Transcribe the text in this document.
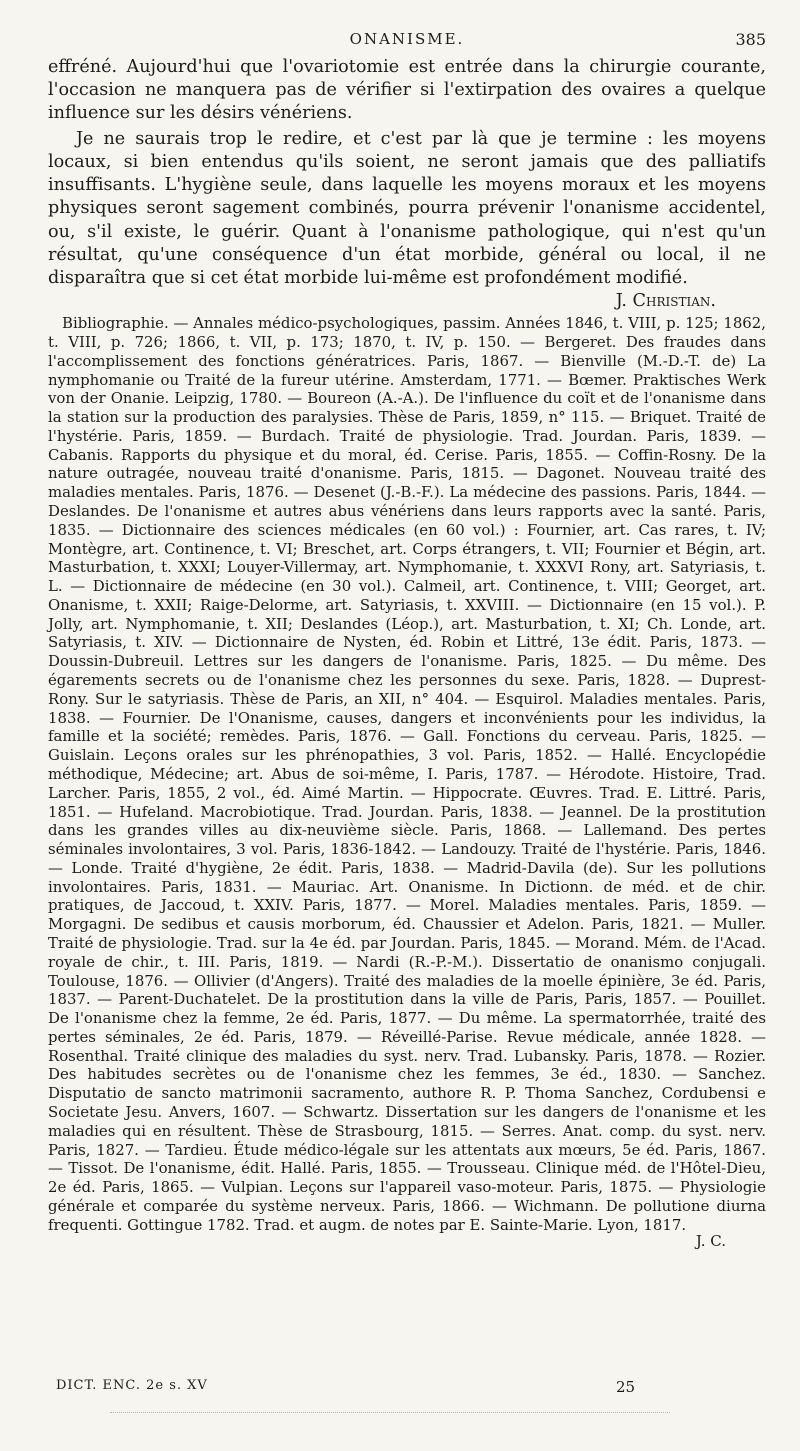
ONANISME.	385

effréné. Aujourd'hui que l'ovariotomie est entrée dans la chirurgie courante, l'occasion ne manquera pas de vérifier si l'extirpation des ovaires a quelque influence sur les désirs vénériens.

Je ne saurais trop le redire, et c'est par là que je termine : les moyens locaux, si bien entendus qu'ils soient, ne seront jamais que des palliatifs insuffisants. L'hygiène seule, dans laquelle les moyens moraux et les moyens physiques seront sagement combinés, pourra prévenir l'onanisme accidentel, ou, s'il existe, le guérir. Quant à l'onanisme pathologique, qui n'est qu'un résultat, qu'une conséquence d'un état morbide, général ou local, il ne disparaîtra que si cet état morbide lui-même est profondément modifié.
J. Christian.

Bibliographie. — Annales médico-psychologiques, passim. Années 1846, t. VIII, p. 125; 1862, t. VIII, p. 726; 1866, t. VII, p. 173; 1870, t. IV, p. 150. — Bergeret. Des fraudes dans l'accomplissement des fonctions génératrices. Paris, 1867. — Bienville (M.-D.-T. de) La nymphomanie ou Traité de la fureur utérine. Amsterdam, 1771. — Bœmer. Praktisches Werk von der Onanie. Leipzig, 1780. — Boureon (A.-A.). De l'influence du coït et de l'onanisme dans la station sur la production des paralysies. Thèse de Paris, 1859, n° 115. — Briquet. Traité de l'hystérie. Paris, 1859. — Burdach. Traité de physiologie. Trad. Jourdan. Paris, 1839. — Cabanis. Rapports du physique et du moral, éd. Cerise. Paris, 1855. — Coffin-Rosny. De la nature outragée, nouveau traité d'onanisme. Paris, 1815. — Dagonet. Nouveau traité des maladies mentales. Paris, 1876. — Desenet (J.-B.-F.). La médecine des passions. Paris, 1844. — Deslandes. De l'onanisme et autres abus vénériens dans leurs rapports avec la santé. Paris, 1835. — Dictionnaire des sciences médicales (en 60 vol.) : Fournier, art. Cas rares, t. IV; Montègre, art. Continence, t. VI; Breschet, art. Corps étrangers, t. VII; Fournier et Bégin, art. Masturbation, t. XXXI; Louyer-Villermay, art. Nymphomanie, t. XXXVI Rony, art. Satyriasis, t. L. — Dictionnaire de médecine (en 30 vol.). Calmeil, art. Continence, t. VIII; Georget, art. Onanisme, t. XXII; Raige-Delorme, art. Satyriasis, t. XXVIII. — Dictionnaire (en 15 vol.). P. Jolly, art. Nymphomanie, t. XII; Deslandes (Léop.), art. Masturbation, t. XI; Ch. Londe, art. Satyriasis, t. XIV. — Dictionnaire de Nysten, éd. Robin et Littré, 13e édit. Paris, 1873. — Doussin-Dubreuil. Lettres sur les dangers de l'onanisme. Paris, 1825. — Du même. Des égarements secrets ou de l'onanisme chez les personnes du sexe. Paris, 1828. — Duprest-Rony. Sur le satyriasis. Thèse de Paris, an XII, n° 404. — Esquirol. Maladies mentales. Paris, 1838. — Fournier. De l'Onanisme, causes, dangers et inconvénients pour les individus, la famille et la société; remèdes. Paris, 1876. — Gall. Fonctions du cerveau. Paris, 1825. — Guislain. Leçons orales sur les phrénopathies, 3 vol. Paris, 1852. — Hallé. Encyclopédie méthodique, Médecine; art. Abus de soi-même, I. Paris, 1787. — Hérodote. Histoire, Trad. Larcher. Paris, 1855, 2 vol., éd. Aimé Martin. — Hippocrate. Œuvres. Trad. E. Littré. Paris, 1851. — Hufeland. Macrobiotique. Trad. Jourdan. Paris, 1838. — Jeannel. De la prostitution dans les grandes villes au dix-neuvième siècle. Paris, 1868. — Lallemand. Des pertes séminales involontaires, 3 vol. Paris, 1836-1842. — Landouzy. Traité de l'hystérie. Paris, 1846. — Londe. Traité d'hygiène, 2e édit. Paris, 1838. — Madrid-Davila (de). Sur les pollutions involontaires. Paris, 1831. — Mauriac. Art. Onanisme. In Dictionn. de méd. et de chir. pratiques, de Jaccoud, t. XXIV. Paris, 1877. — Morel. Maladies mentales. Paris, 1859. — Morgagni. De sedibus et causis morborum, éd. Chaussier et Adelon. Paris, 1821. — Muller. Traité de physiologie. Trad. sur la 4e éd. par Jourdan. Paris, 1845. — Morand. Mém. de l'Acad. royale de chir., t. III. Paris, 1819. — Nardi (R.-P.-M.). Dissertatio de onanismo conjugali. Toulouse, 1876. — Ollivier (d'Angers). Traité des maladies de la moelle épinière, 3e éd. Paris, 1837. — Parent-Duchatelet. De la prostitution dans la ville de Paris, Paris, 1857. — Pouillet. De l'onanisme chez la femme, 2e éd. Paris, 1877. — Du même. La spermatorrhée, traité des pertes séminales, 2e éd. Paris, 1879. — Réveillé-Parise. Revue médicale, année 1828. — Rosenthal. Traité clinique des maladies du syst. nerv. Trad. Lubansky. Paris, 1878. — Rozier. Des habitudes secrètes ou de l'onanisme chez les femmes, 3e éd., 1830. — Sanchez. Disputatio de sancto matrimonii sacramento, authore R. P. Thoma Sanchez, Cordubensi e Societate Jesu. Anvers, 1607. — Schwartz. Dissertation sur les dangers de l'onanisme et les maladies qui en résultent. Thèse de Strasbourg, 1815. — Serres. Anat. comp. du syst. nerv. Paris, 1827. — Tardieu. Étude médico-légale sur les attentats aux mœurs, 5e éd. Paris, 1867. — Tissot. De l'onanisme, édit. Hallé. Paris, 1855. — Trousseau. Clinique méd. de l'Hôtel-Dieu, 2e éd. Paris, 1865. — Vulpian. Leçons sur l'appareil vaso-moteur. Paris, 1875. — Physiologie générale et comparée du système nerveux. Paris, 1866. — Wichmann. De pollutione diurna frequenti. Gottingue 1782. Trad. et augm. de notes par E. Sainte-Marie. Lyon, 1817.
J. C.
DICT. ENC. 2e s. XV	25
